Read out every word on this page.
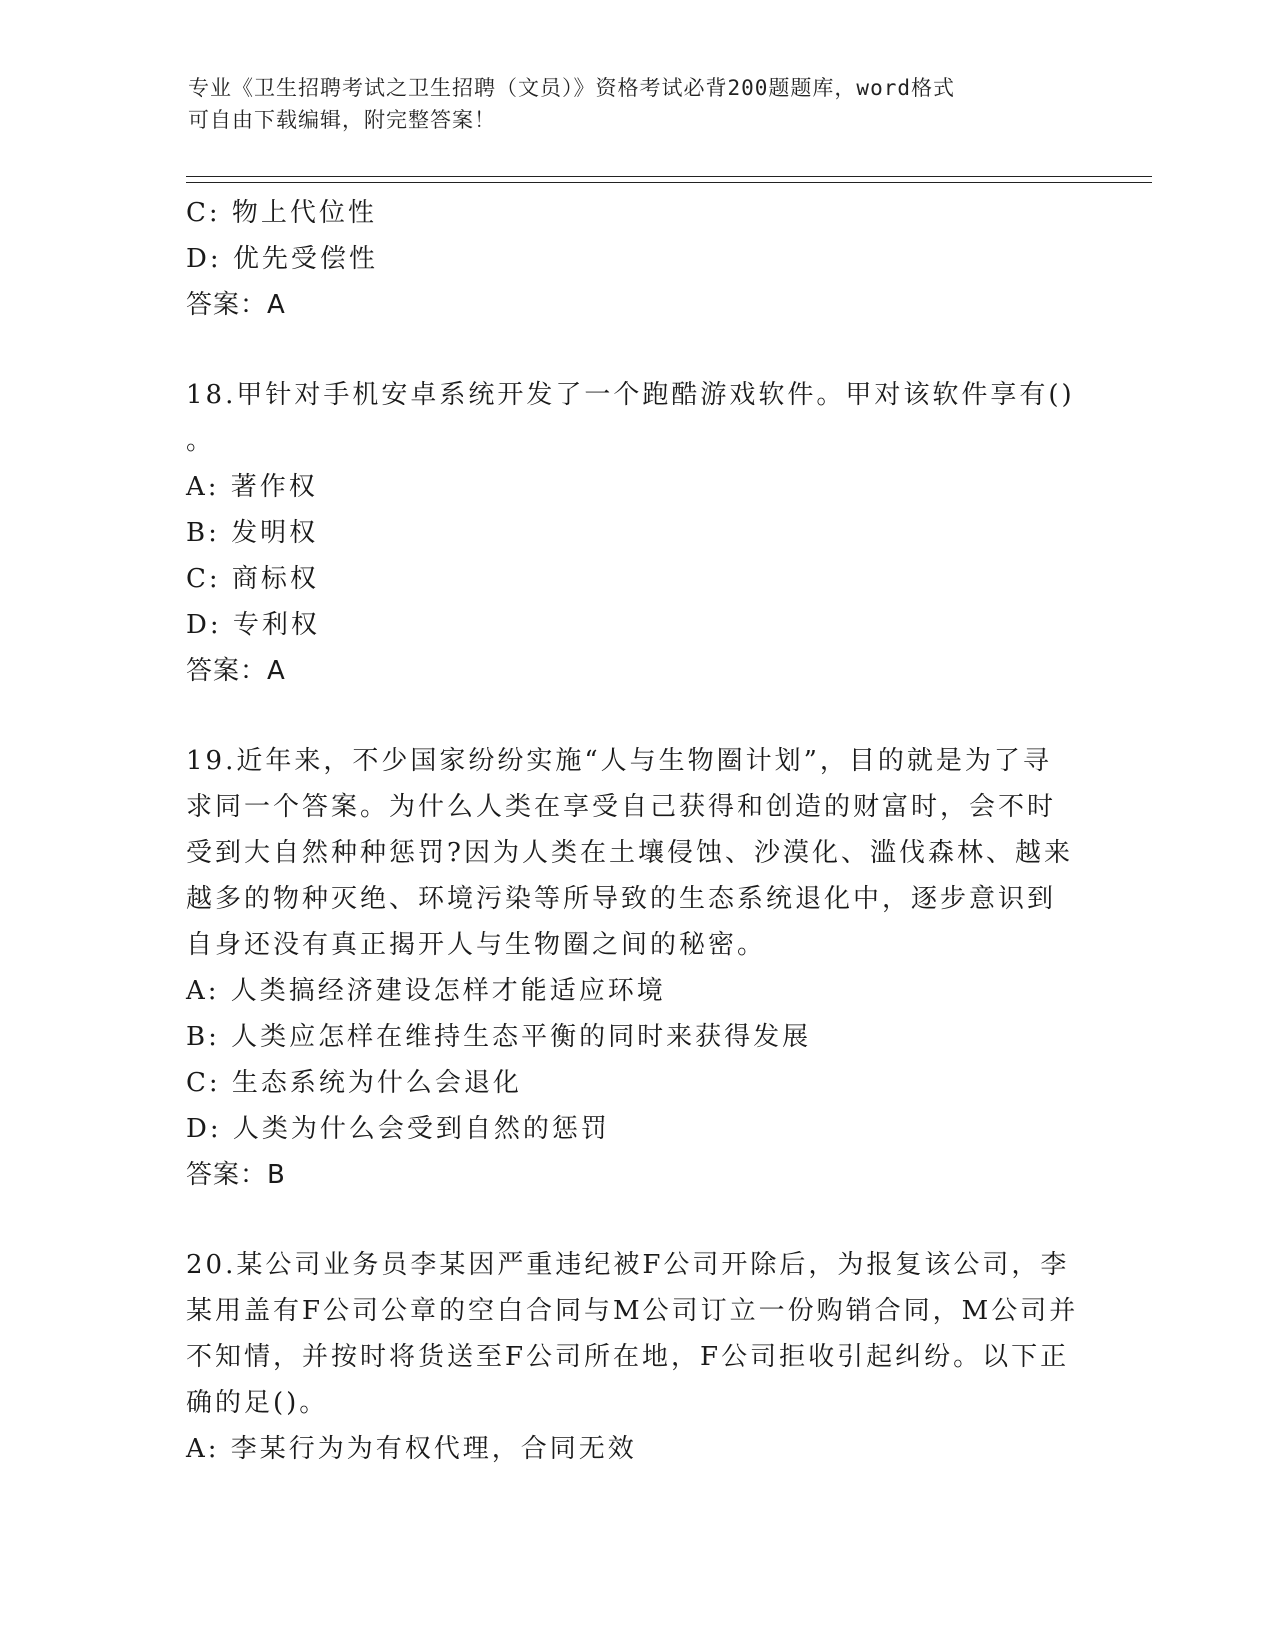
专业《卫生招聘考试之卫生招聘（文员）》资格考试必背200题题库，word格式
可自由下载编辑，附完整答案！
C: 物上代位性
D: 优先受偿性
答案：A
18.甲针对手机安卓系统开发了一个跑酷游戏软件。甲对该软件享有()
。
A: 著作权
B: 发明权
C: 商标权
D: 专利权
答案：A
19.近年来，不少国家纷纷实施“人与生物圈计划”，目的就是为了寻
求同一个答案。为什么人类在享受自己获得和创造的财富时，会不时
受到大自然种种惩罚?因为人类在土壤侵蚀、沙漠化、滥伐森林、越来
越多的物种灭绝、环境污染等所导致的生态系统退化中，逐步意识到
自身还没有真正揭开人与生物圈之间的秘密。
A: 人类搞经济建设怎样才能适应环境
B: 人类应怎样在维持生态平衡的同时来获得发展
C: 生态系统为什么会退化
D: 人类为什么会受到自然的惩罚
答案：B
20.某公司业务员李某因严重违纪被F公司开除后，为报复该公司，李
某用盖有F公司公章的空白合同与M公司订立一份购销合同，M公司并
不知情，并按时将货送至F公司所在地，F公司拒收引起纠纷。以下正
确的足()。
A: 李某行为为有权代理，合同无效
